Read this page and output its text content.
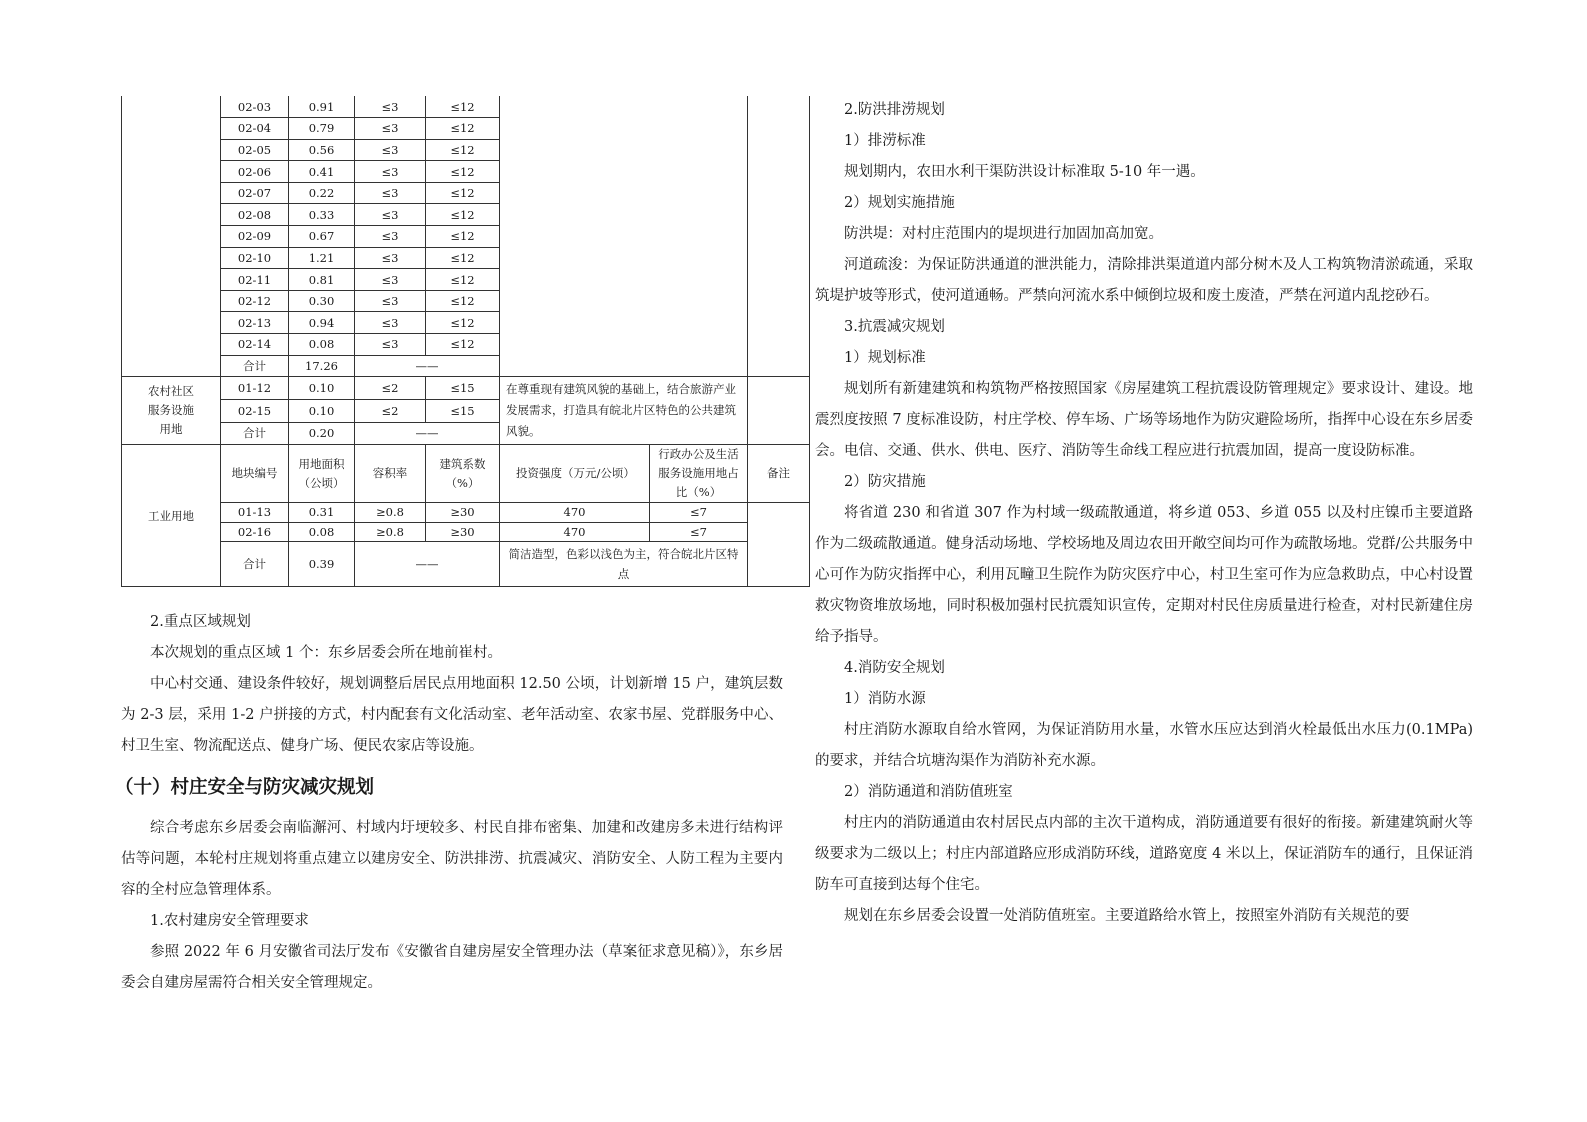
	02-03	0.91	≤3	≤12			
	02-04	0.79	≤3	≤12			
	02-05	0.56	≤3	≤12			
	02-06	0.41	≤3	≤12			
	02-07	0.22	≤3	≤12			
	02-08	0.33	≤3	≤12			
	02-09	0.67	≤3	≤12			
	02-10	1.21	≤3	≤12			
	02-11	0.81	≤3	≤12			
	02-12	0.30	≤3	≤12			
	02-13	0.94	≤3	≤12			
	02-14	0.08	≤3	≤12			
	合计	17.26	——				
农村社区服务设施用地	01-12	0.10	≤2	≤15	在尊重现有建筑风貌的基础上，结合旅游产业发展需求，打造具有皖北片区特色的公共建筑风貌。		
	02-15	0.10	≤2	≤15			
	合计	0.20	——				
工业用地	地块编号	用地面积（公顷）	容积率	建筑系数（%）	投资强度（万元/公顷）	行政办公及生活服务设施用地占比（%）	备注
	01-13	0.31	≥0.8	≥30	470	≤7	
	02-16	0.08	≥0.8	≥30	470	≤7	
	合计	0.39	——		简洁造型，色彩以浅色为主，符合皖北片区特点		

2.重点区域规划

本次规划的重点区域 1 个：东乡居委会所在地前崔村。

中心村交通、建设条件较好，规划调整后居民点用地面积 12.50 公顷，计划新增 15 户，建筑层数为 2-3 层，采用 1-2 户拼接的方式，村内配套有文化活动室、老年活动室、农家书屋、党群服务中心、村卫生室、物流配送点、健身广场、便民农家店等设施。

（十）村庄安全与防灾减灾规划

综合考虑东乡居委会南临澥河、村域内圩埂较多、村民自排布密集、加建和改建房多未进行结构评估等问题，本轮村庄规划将重点建立以建房安全、防洪排涝、抗震减灾、消防安全、人防工程为主要内容的全村应急管理体系。

1.农村建房安全管理要求

参照 2022 年 6 月安徽省司法厅发布《安徽省自建房屋安全管理办法（草案征求意见稿）》，东乡居委会自建房屋需符合相关安全管理规定。

2.防洪排涝规划

1）排涝标准

规划期内，农田水利干渠防洪设计标准取 5-10 年一遇。

2）规划实施措施

防洪堤：对村庄范围内的堤坝进行加固加高加宽。

河道疏浚：为保证防洪通道的泄洪能力，清除排洪渠道道内部分树木及人工构筑物清淤疏通，采取筑堤护坡等形式，使河道通畅。严禁向河流水系中倾倒垃圾和废土废渣，严禁在河道内乱挖砂石。

3.抗震减灾规划

1）规划标准

规划所有新建建筑和构筑物严格按照国家《房屋建筑工程抗震设防管理规定》要求设计、建设。地震烈度按照 7 度标准设防，村庄学校、停车场、广场等场地作为防灾避险场所，指挥中心设在东乡居委会。电信、交通、供水、供电、医疗、消防等生命线工程应进行抗震加固，提高一度设防标准。

2）防灾措施

将省道 230 和省道 307 作为村域一级疏散通道，将乡道 053、乡道 055 以及村庄镍币主要道路作为二级疏散通道。健身活动场地、学校场地及周边农田开敞空间均可作为疏散场地。党群/公共服务中心可作为防灾指挥中心，利用瓦疃卫生院作为防灾医疗中心，村卫生室可作为应急救助点，中心村设置救灾物资堆放场地，同时积极加强村民抗震知识宣传，定期对村民住房质量进行检查，对村民新建住房给予指导。

4.消防安全规划

1）消防水源

村庄消防水源取自给水管网，为保证消防用水量，水管水压应达到消火栓最低出水压力(0.1MPa)的要求，并结合坑塘沟渠作为消防补充水源。

2）消防通道和消防值班室

村庄内的消防通道由农村居民点内部的主次干道构成，消防通道要有很好的衔接。新建建筑耐火等级要求为二级以上；村庄内部道路应形成消防环线，道路宽度 4 米以上，保证消防车的通行，且保证消防车可直接到达每个住宅。

规划在东乡居委会设置一处消防值班室。主要道路给水管上，按照室外消防有关规范的要
